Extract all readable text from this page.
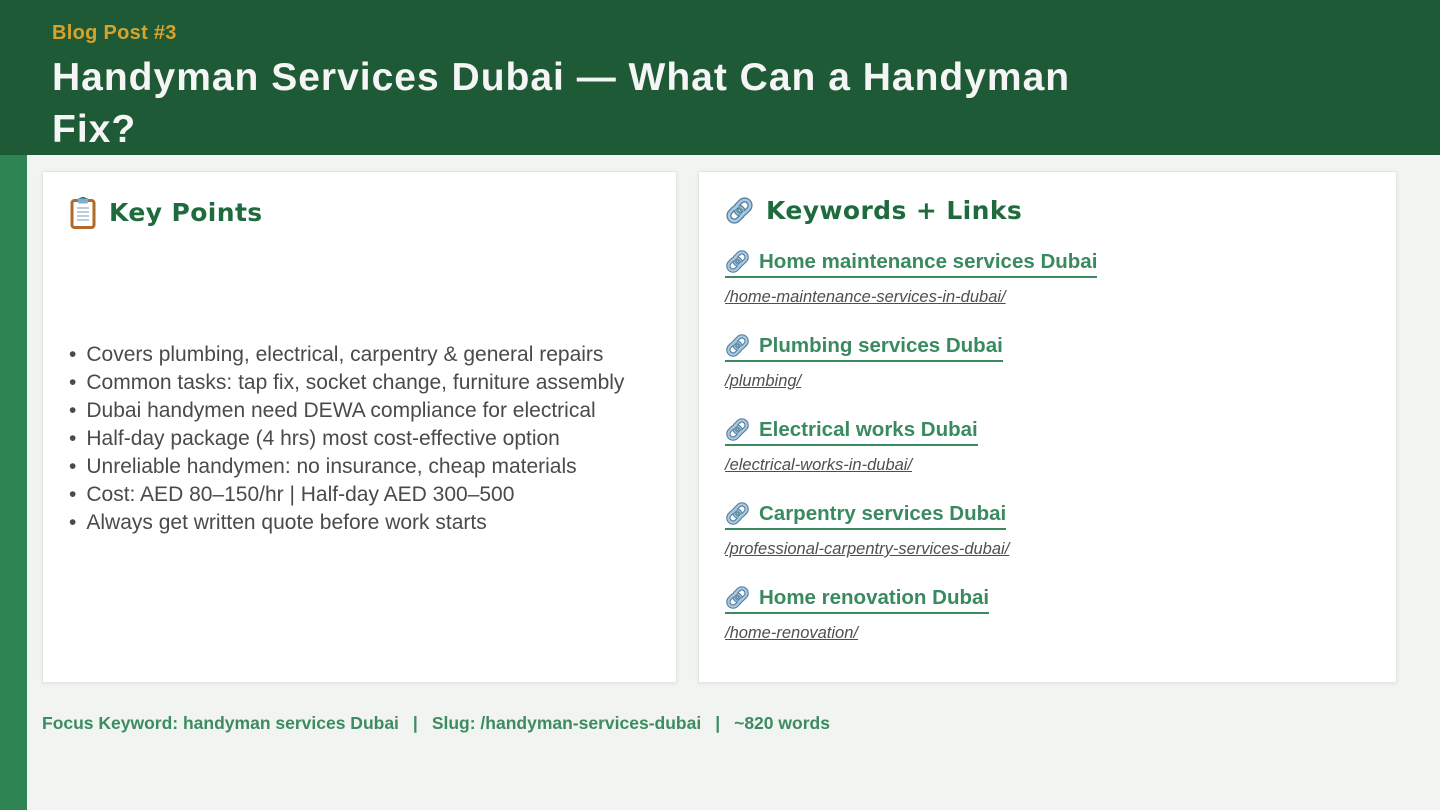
Blog Post #3
Handyman Services Dubai — What Can a Handyman
Fix?
Key Points
• Covers plumbing, electrical, carpentry & general repairs
• Common tasks: tap fix, socket change, furniture assembly
• Dubai handymen need DEWA compliance for electrical
• Half-day package (4 hrs) most cost-effective option
• Unreliable handymen: no insurance, cheap materials
• Cost: AED 80–150/hr | Half-day AED 300–500
• Always get written quote before work starts
Keywords + Links
Home maintenance services Dubai
/home-maintenance-services-in-dubai/
Plumbing services Dubai
/plumbing/
Electrical works Dubai
/electrical-works-in-dubai/
Carpentry services Dubai
/professional-carpentry-services-dubai/
Home renovation Dubai
/home-renovation/
Focus Keyword: handyman services Dubai | Slug: /handyman-services-dubai | ~820 words
